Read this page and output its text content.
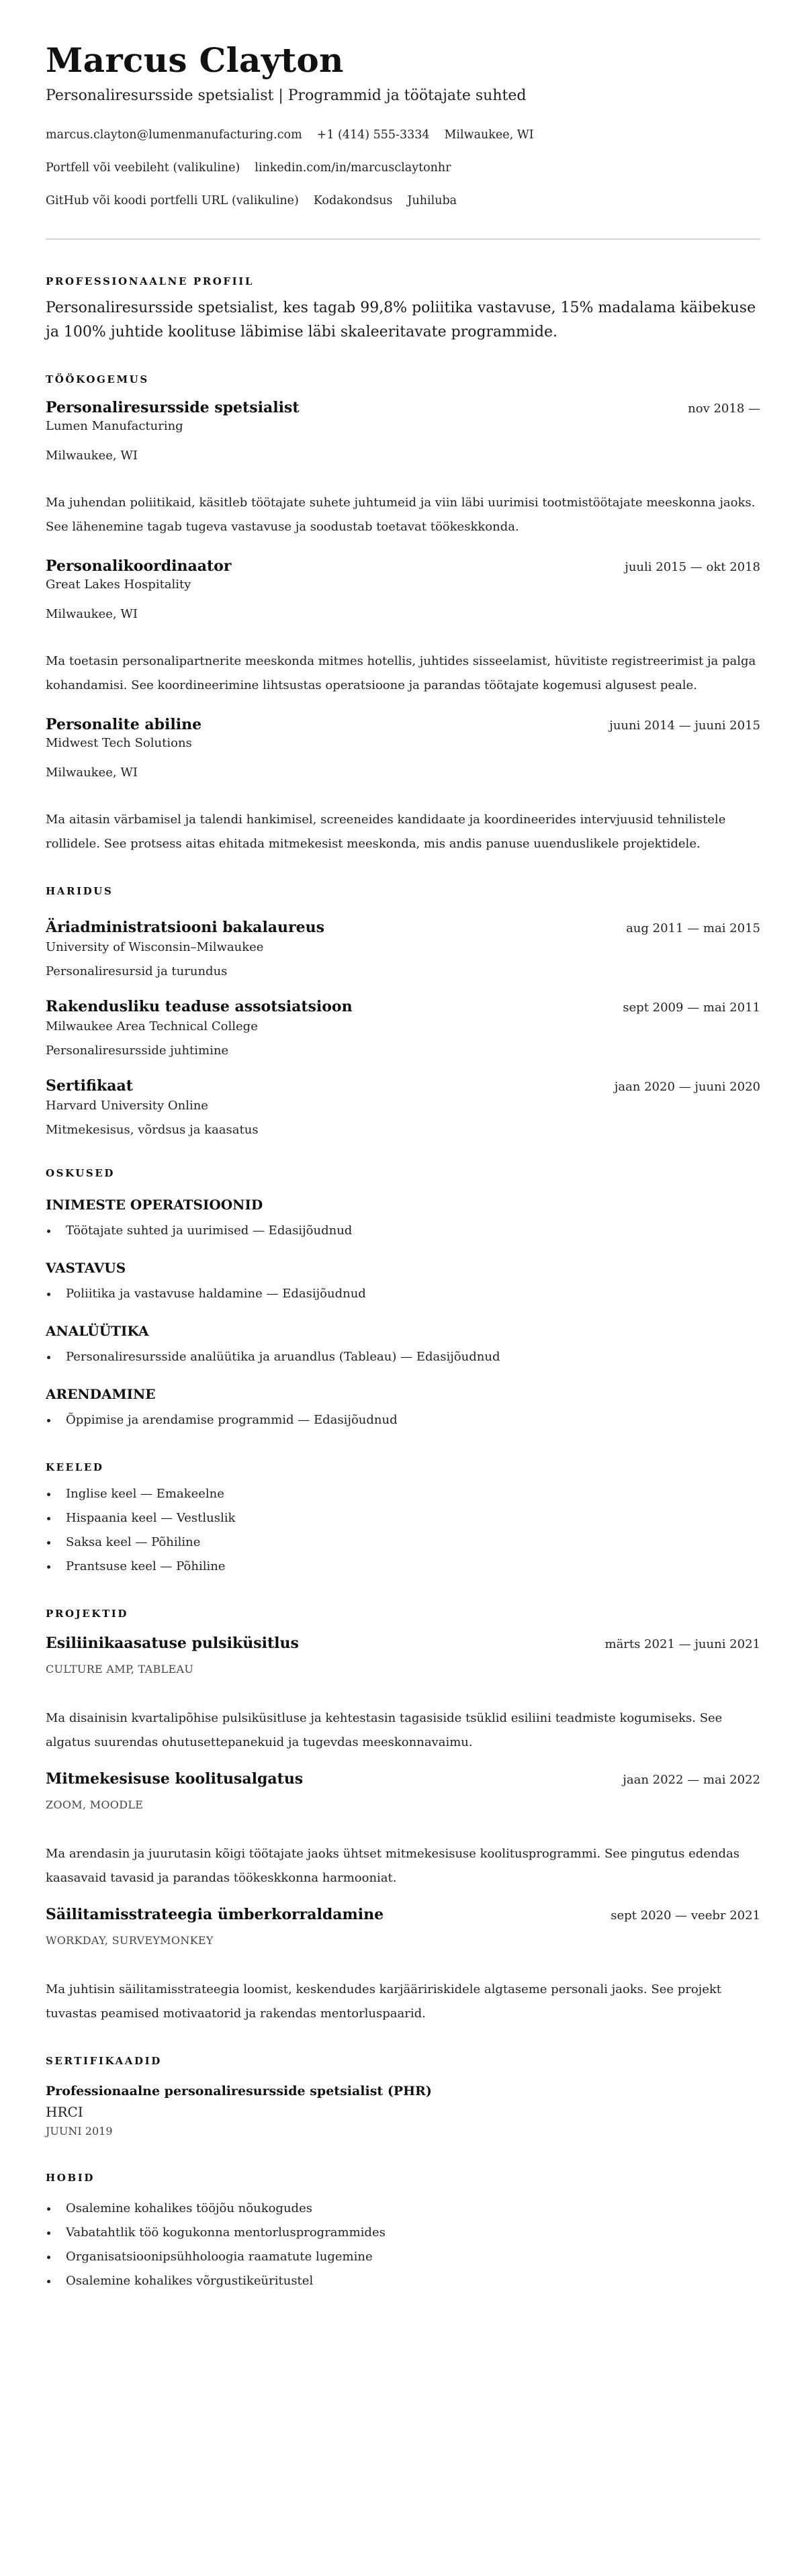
Marcus Clayton
Personaliresursside spetsialist | Programmid ja töötajate suhted
marcus.clayton@lumenmanufacturing.com +1 (414) 555-3334 Milwaukee, WI
Portfell või veebileht (valikuline) linkedin.com/in/marcusclaytonhr
GitHub või koodi portfelli URL (valikuline) Kodakondsus Juhiluba
PROFESSIONAALNE PROFIIL

Personaliresursside spetsialist, kes tagab 99,8% poliitika vastavuse, 15% madalama käibekuse ja 100% juhtide koolituse läbimise läbi skaleeritavate programmide.

TÖÖKOGEMUS
Personaliresursside spetsialist	nov 2018 —
Lumen Manufacturing
Milwaukee, WI

Ma juhendan poliitikaid, käsitleb töötajate suhete juhtumeid ja viin läbi uurimisi tootmistöötajate meeskonna jaoks. See lähenemine tagab tugeva vastavuse ja soodustab toetavat töökeskkonda.

Personalikoordinaator	juuli 2015 — okt 2018
Great Lakes Hospitality
Milwaukee, WI

Ma toetasin personalipartnerite meeskonda mitmes hotellis, juhtides sisseelamist, hüvitiste registreerimist ja palga kohandamisi. See koordineerimine lihtsustas operatsioone ja parandas töötajate kogemusi algusest peale.

Personalite abiline	juuni 2014 — juuni 2015
Midwest Tech Solutions
Milwaukee, WI

Ma aitasin värbamisel ja talendi hankimisel, screeneides kandidaate ja koordineerides intervjuusid tehnilistele rollidele. See protsess aitas ehitada mitmekesist meeskonda, mis andis panuse uuenduslikele projektidele.

HARIDUS
Äriadministratsiooni bakalaureus	aug 2011 — mai 2015
University of Wisconsin–Milwaukee
Personaliresursid ja turundus
Rakendusliku teaduse assotsiatsioon	sept 2009 — mai 2011
Milwaukee Area Technical College
Personaliresursside juhtimine
Sertifikaat	jaan 2020 — juuni 2020
Harvard University Online
Mitmekesisus, võrdsus ja kaasatus
OSKUSED
INIMESTE OPERATSIOONID
Töötajate suhted ja uurimised — Edasijõudnud
VASTAVUS
Poliitika ja vastavuse haldamine — Edasijõudnud
ANALÜÜTIKA
Personaliresursside analüütika ja aruandlus (Tableau) — Edasijõudnud
ARENDAMINE
Õppimise ja arendamise programmid — Edasijõudnud
KEELED
Inglise keel — Emakeelne
Hispaania keel — Vestluslik
Saksa keel — Põhiline
Prantsuse keel — Põhiline
PROJEKTID
Esiliinikaasatuse pulsiküsitlus	märts 2021 — juuni 2021
CULTURE AMP, TABLEAU

Ma disainisin kvartalipõhise pulsiküsitluse ja kehtestasin tagasiside tsüklid esiliini teadmiste kogumiseks. See algatus suurendas ohutusettepanekuid ja tugevdas meeskonnavaimu.

Mitmekesisuse koolitusalgatus	jaan 2022 — mai 2022
ZOOM, MOODLE

Ma arendasin ja juurutasin kõigi töötajate jaoks ühtset mitmekesisuse koolitusprogrammi. See pingutus edendas kaasavaid tavasid ja parandas töökeskkonna harmooniat.

Säilitamisstrateegia ümberkorraldamine	sept 2020 — veebr 2021
WORKDAY, SURVEYMONKEY

Ma juhtisin säilitamisstrateegia loomist, keskendudes karjääririskidele algtaseme personali jaoks. See projekt tuvastas peamised motivaatorid ja rakendas mentorluspaarid.

SERTIFIKAADID
Professionaalne personaliresursside spetsialist (PHR)
HRCI
JUUNI 2019
HOBID
Osalemine kohalikes tööjõu nõukogudes
Vabatahtlik töö kogukonna mentorlusprogrammides
Organisatsioonipsühholoogia raamatute lugemine
Osalemine kohalikes võrgustikeüritustel
